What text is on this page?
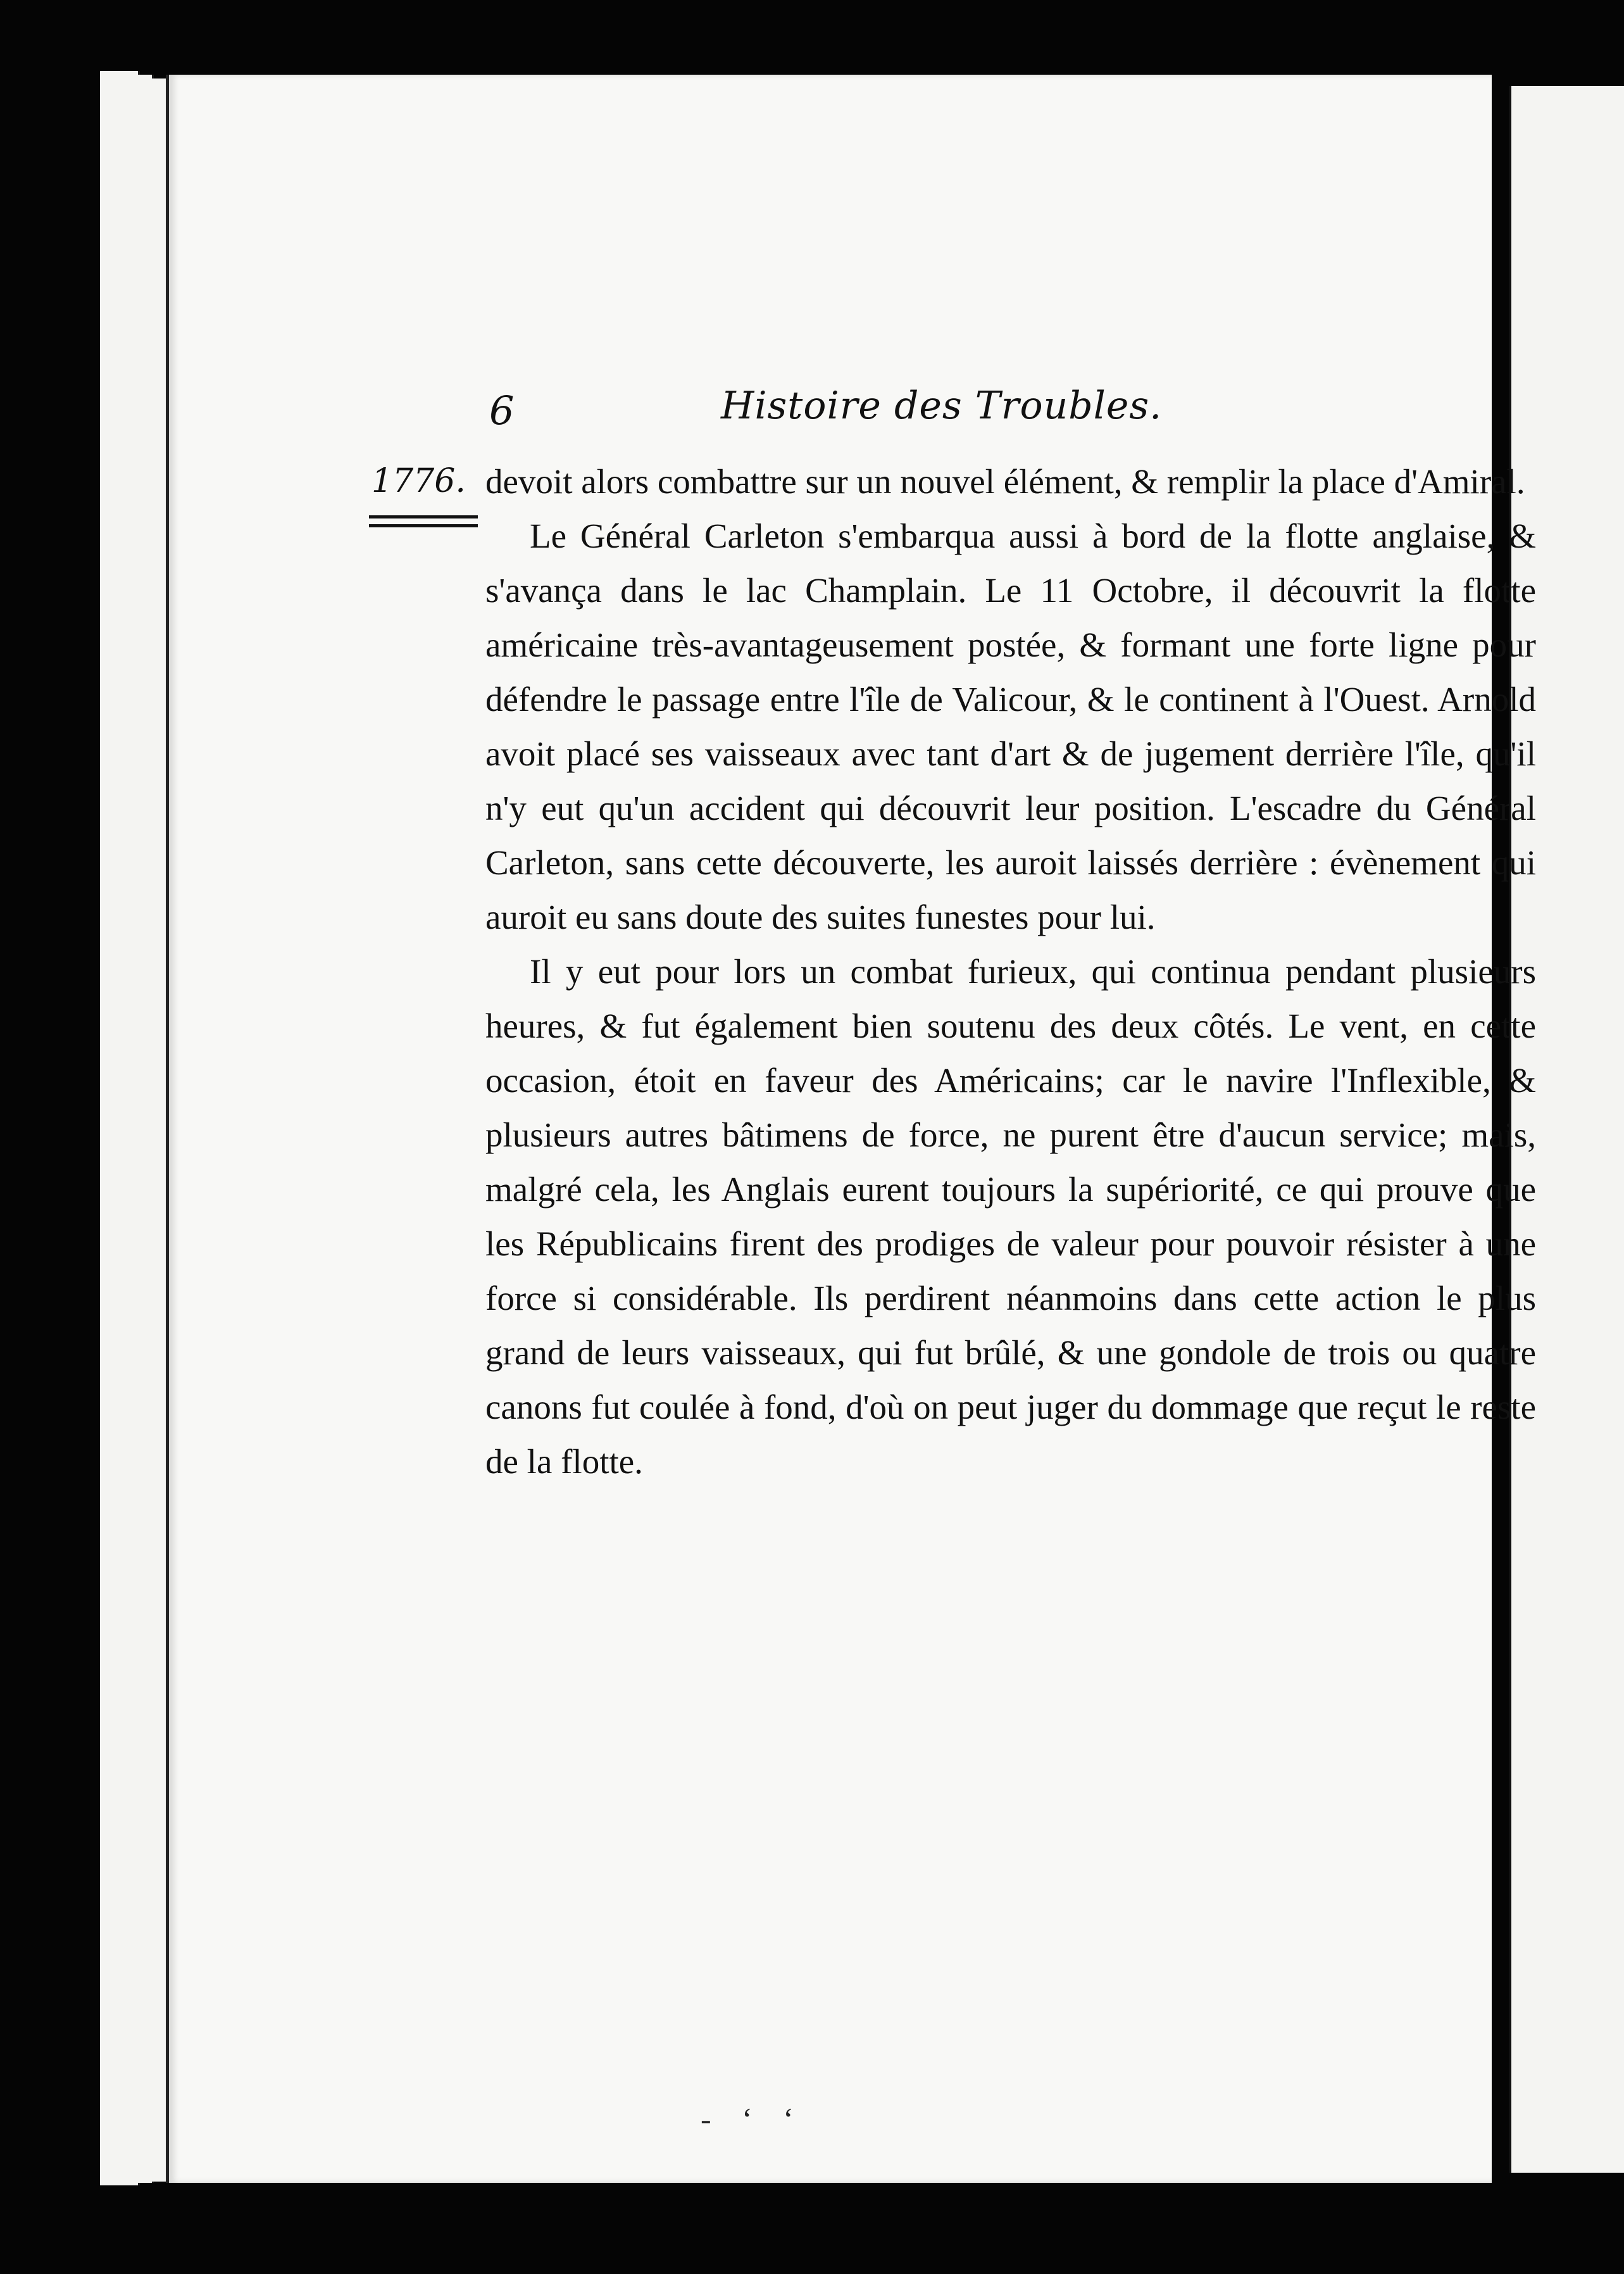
6	Histoire des Troubles.
1776. devoit alors combattre sur un nouvel élément, & remplir la place d'Amiral.

Le Général Carleton s'embarqua aussi à bord de la flotte anglaise, & s'avança dans le lac Champlain. Le 11 Octobre, il découvrit la flotte américaine très-avantageusement postée, & formant une forte ligne pour défendre le passage entre l'île de Valicour, & le continent à l'Ouest. Arnold avoit placé ses vaisseaux avec tant d'art & de jugement derrière l'île, qu'il n'y eut qu'un accident qui découvrit leur position. L'escadre du Général Carleton, sans cette découverte, les auroit laissés derrière : évènement qui auroit eu sans doute des suites funestes pour lui.

Il y eut pour lors un combat furieux, qui continua pendant plusieurs heures, & fut également bien soutenu des deux côtés. Le vent, en cette occasion, étoit en faveur des Américains; car le navire l'Inflexible, & plusieurs autres bâtimens de force, ne purent être d'aucun service; mais, malgré cela, les Anglais eurent toujours la supériorité, ce qui prouve que les Républicains firent des prodiges de valeur pour pouvoir résister à une force si considérable. Ils perdirent néanmoins dans cette action le plus grand de leurs vaisseaux, qui fut brûlé, & une gondole de trois ou quatre canons fut coulée à fond, d'où on peut juger du dommage que reçut le reste de la flotte.

- ‘ ‘
